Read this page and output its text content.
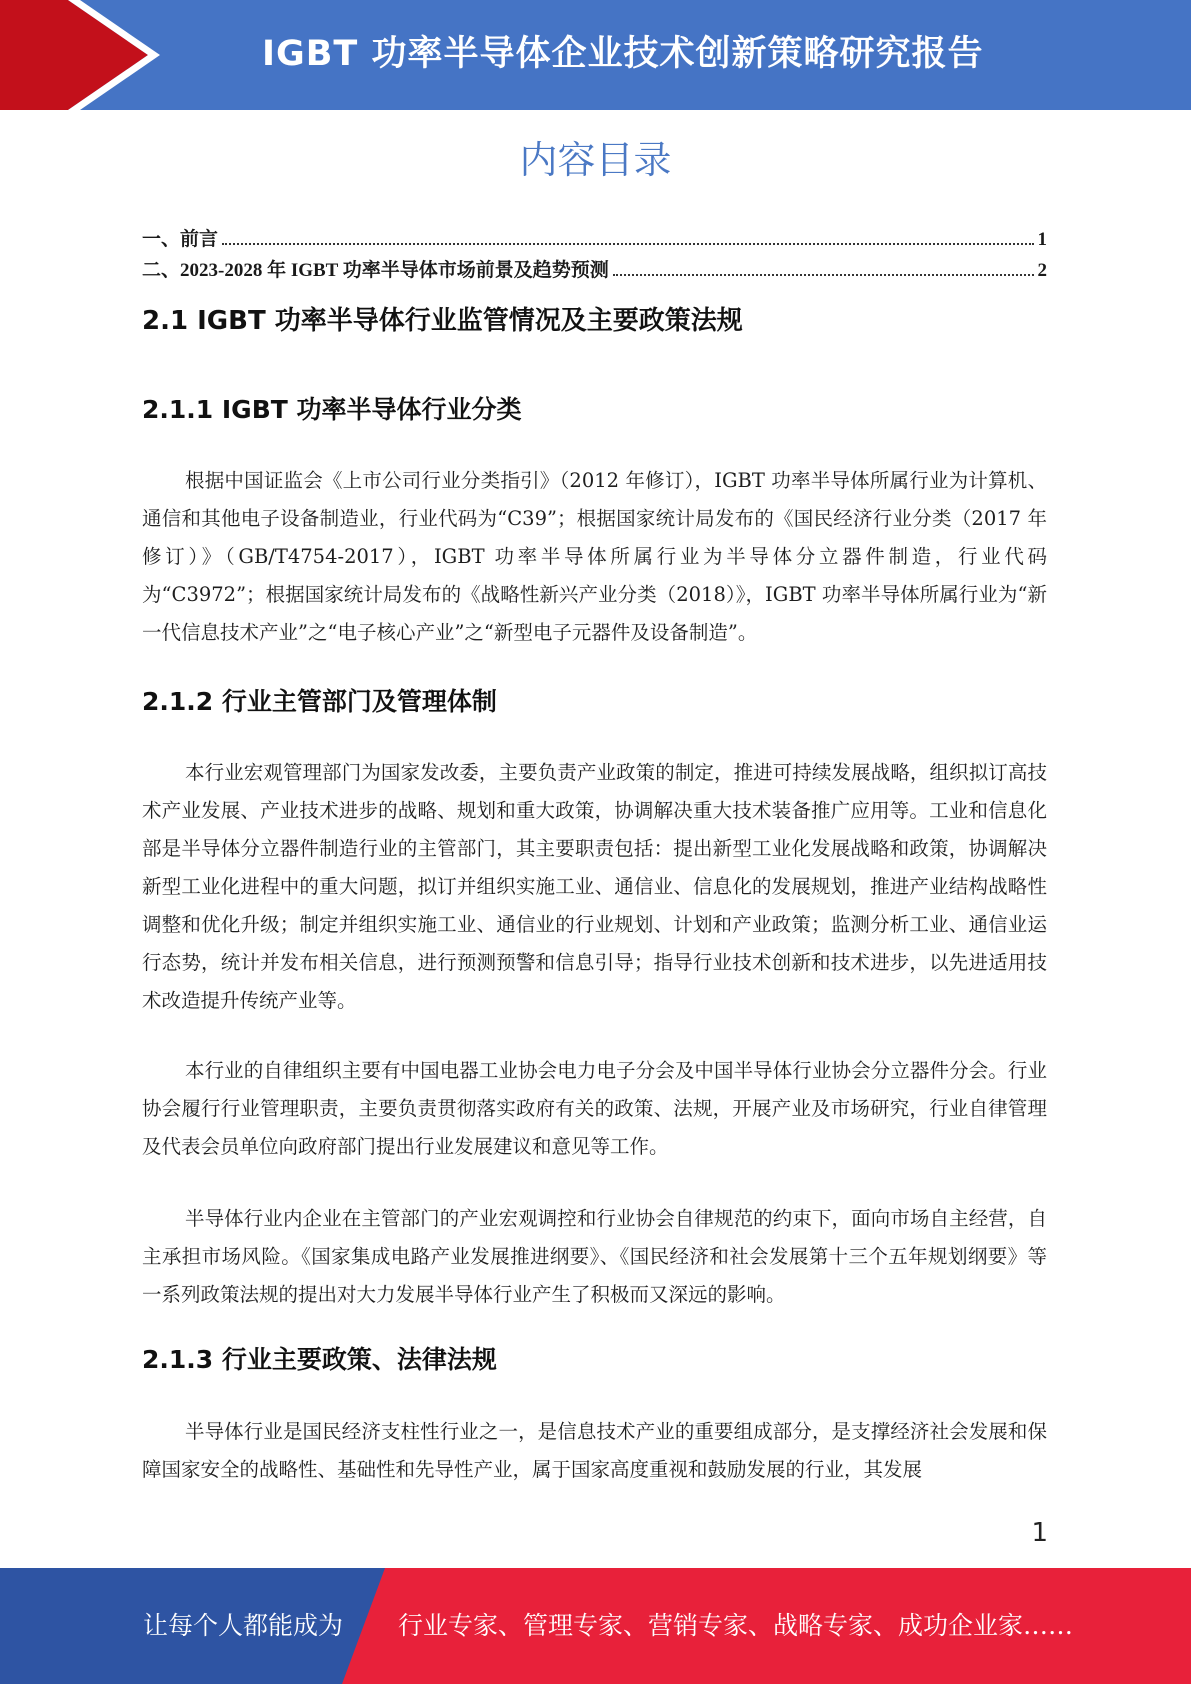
IGBT 功率半导体企业技术创新策略研究报告
内容目录
一、前言	1
二、2023-2028 年 IGBT 功率半导体市场前景及趋势预测	2
2.1 IGBT 功率半导体行业监管情况及主要政策法规
2.1.1 IGBT 功率半导体行业分类

根据中国证监会《上市公司行业分类指引》（2012 年修订），IGBT 功率半导体所属行业为计算机、通信和其他电子设备制造业，行业代码为“C39”；根据国家统计局发布的《国民经济行业分类（2017 年修订）》（GB/T4754-2017），IGBT 功率半导体所属行业为半导体分立器件制造，行业代码为“C3972”；根据国家统计局发布的《战略性新兴产业分类（2018）》，IGBT 功率半导体所属行业为“新一代信息技术产业”之“电子核心产业”之“新型电子元器件及设备制造”。

2.1.2 行业主管部门及管理体制

本行业宏观管理部门为国家发改委，主要负责产业政策的制定，推进可持续发展战略，组织拟订高技术产业发展、产业技术进步的战略、规划和重大政策，协调解决重大技术装备推广应用等。工业和信息化部是半导体分立器件制造行业的主管部门，其主要职责包括：提出新型工业化发展战略和政策，协调解决新型工业化进程中的重大问题，拟订并组织实施工业、通信业、信息化的发展规划，推进产业结构战略性调整和优化升级；制定并组织实施工业、通信业的行业规划、计划和产业政策；监测分析工业、通信业运行态势，统计并发布相关信息，进行预测预警和信息引导；指导行业技术创新和技术进步，以先进适用技术改造提升传统产业等。

本行业的自律组织主要有中国电器工业协会电力电子分会及中国半导体行业协会分立器件分会。行业协会履行行业管理职责，主要负责贯彻落实政府有关的政策、法规，开展产业及市场研究，行业自律管理及代表会员单位向政府部门提出行业发展建议和意见等工作。

半导体行业内企业在主管部门的产业宏观调控和行业协会自律规范的约束下，面向市场自主经营，自主承担市场风险。《国家集成电路产业发展推进纲要》、《国民经济和社会发展第十三个五年规划纲要》等一系列政策法规的提出对大力发展半导体行业产生了积极而又深远的影响。

2.1.3 行业主要政策、法律法规

半导体行业是国民经济支柱性行业之一，是信息技术产业的重要组成部分，是支撑经济社会发展和保障国家安全的战略性、基础性和先导性产业，属于国家高度重视和鼓励发展的行业，其发展

1
让每个人都能成为 行业专家、管理专家、营销专家、战略专家、成功企业家……
